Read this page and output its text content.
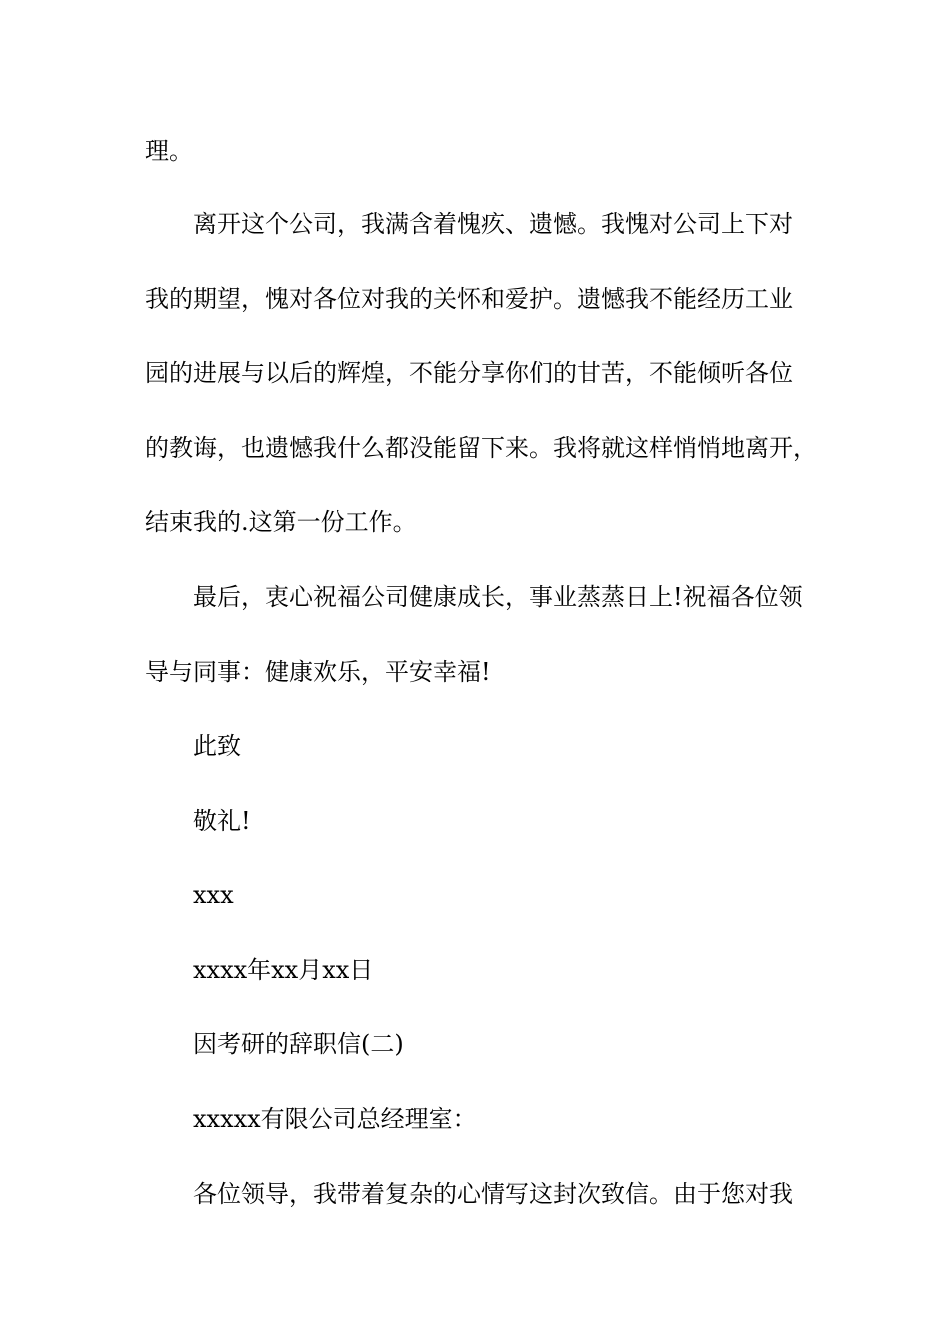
理。
离开这个公司，我满含着愧疚、遗憾。我愧对公司上下对
我的期望，愧对各位对我的关怀和爱护。遗憾我不能经历工业
园的进展与以后的辉煌，不能分享你们的甘苦，不能倾听各位
的教诲，也遗憾我什么都没能留下来。我将就这样悄悄地离开，
结束我的.这第一份工作。
最后，衷心祝福公司健康成长，事业蒸蒸日上!祝福各位领
导与同事：健康欢乐，平安幸福!
此致
敬礼!
xxx
xxxx年xx月xx日
因考研的辞职信(二)
xxxxx有限公司总经理室：
各位领导，我带着复杂的心情写这封次致信。由于您对我
